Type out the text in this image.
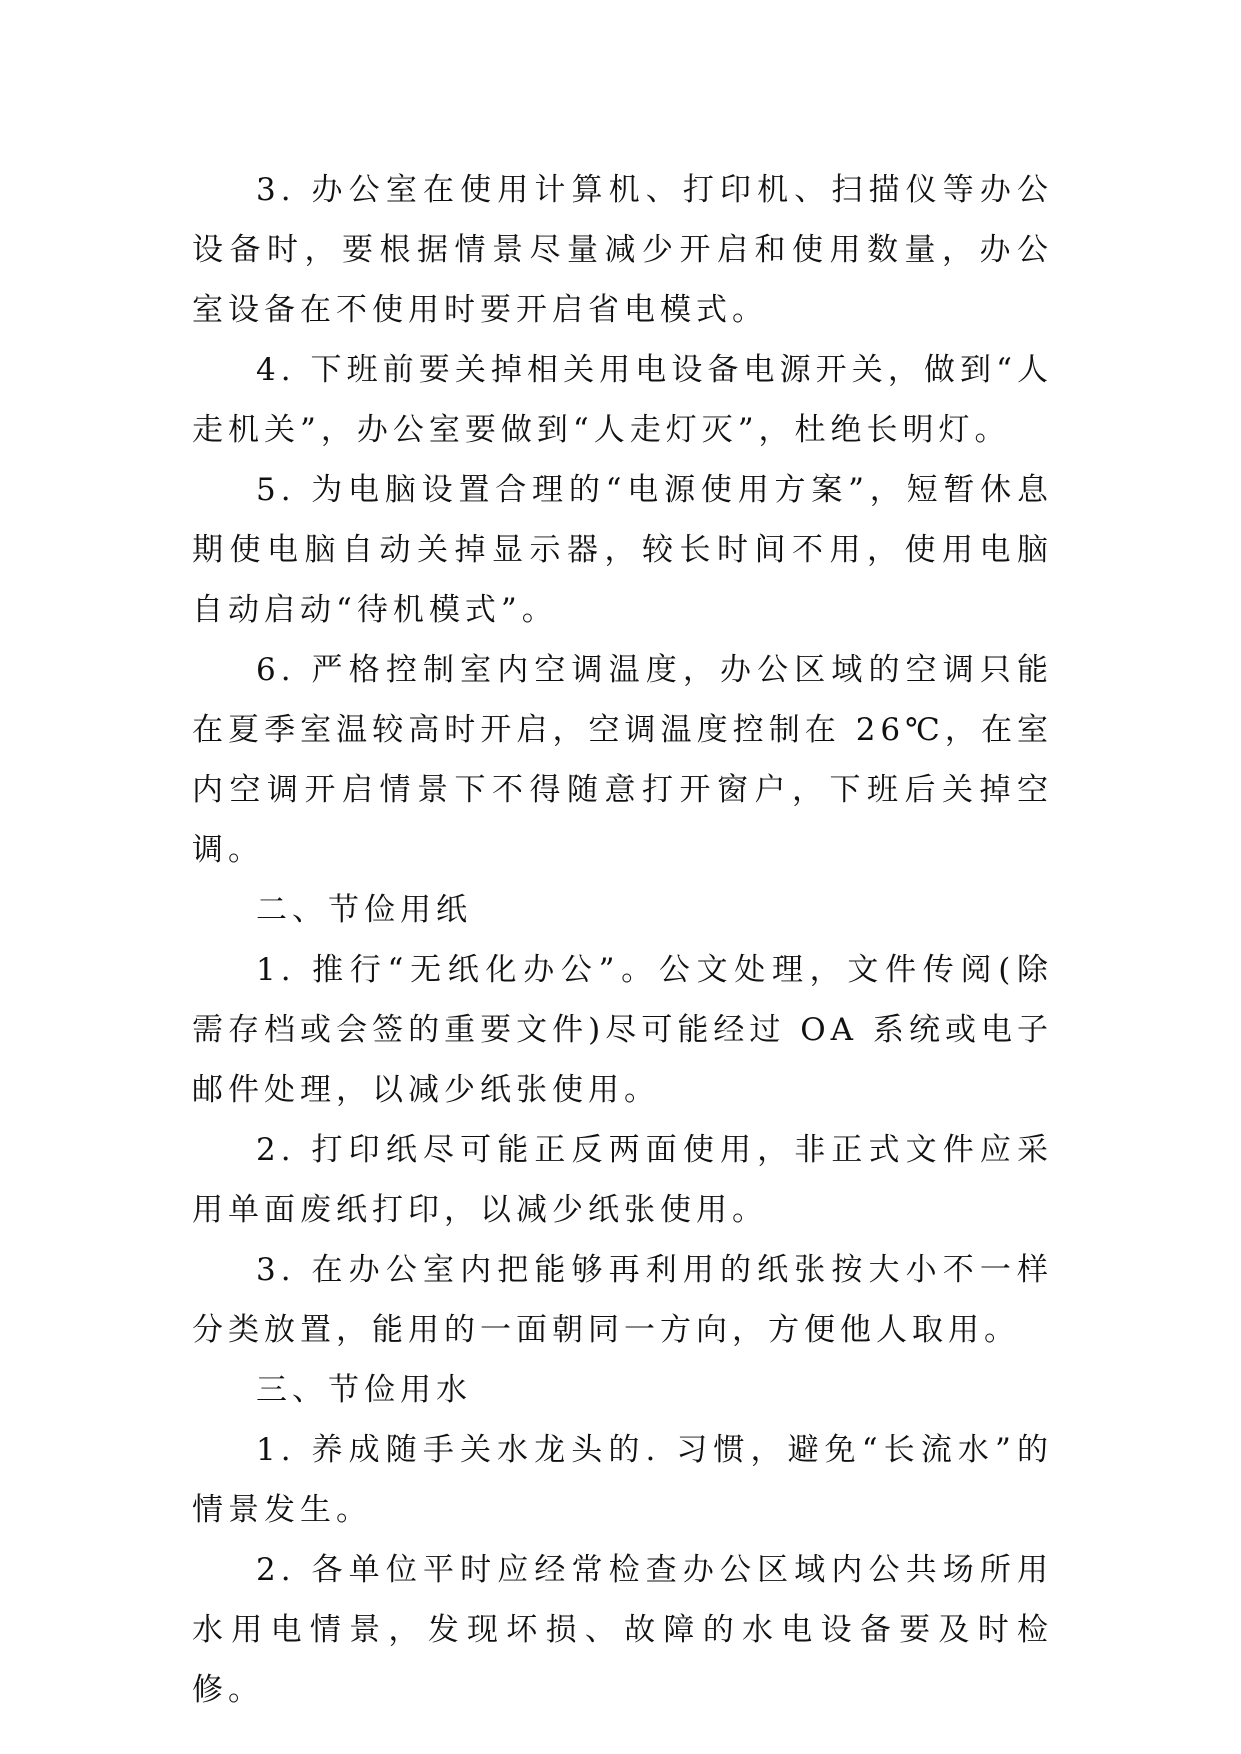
3. 办公室在使用计算机、打印机、扫描仪等办公设备时，要根据情景尽量减少开启和使用数量，办公室设备在不使用时要开启省电模式。

4. 下班前要关掉相关用电设备电源开关，做到“人走机关”，办公室要做到“人走灯灭”，杜绝长明灯。

5. 为电脑设置合理的“电源使用方案”，短暂休息期使电脑自动关掉显示器，较长时间不用，使用电脑自动启动“待机模式”。

6. 严格控制室内空调温度，办公区域的空调只能在夏季室温较高时开启，空调温度控制在 26℃，在室内空调开启情景下不得随意打开窗户，下班后关掉空调。

二、节俭用纸

1. 推行“无纸化办公”。公文处理，文件传阅(除需存档或会签的重要文件)尽可能经过 OA 系统或电子邮件处理，以减少纸张使用。

2. 打印纸尽可能正反两面使用，非正式文件应采用单面废纸打印，以减少纸张使用。

3. 在办公室内把能够再利用的纸张按大小不一样分类放置，能用的一面朝同一方向，方便他人取用。

三、节俭用水

1. 养成随手关水龙头的. 习惯，避免“长流水”的情景发生。

2. 各单位平时应经常检查办公区域内公共场所用水用电情景，发现坏损、故障的水电设备要及时检修。
